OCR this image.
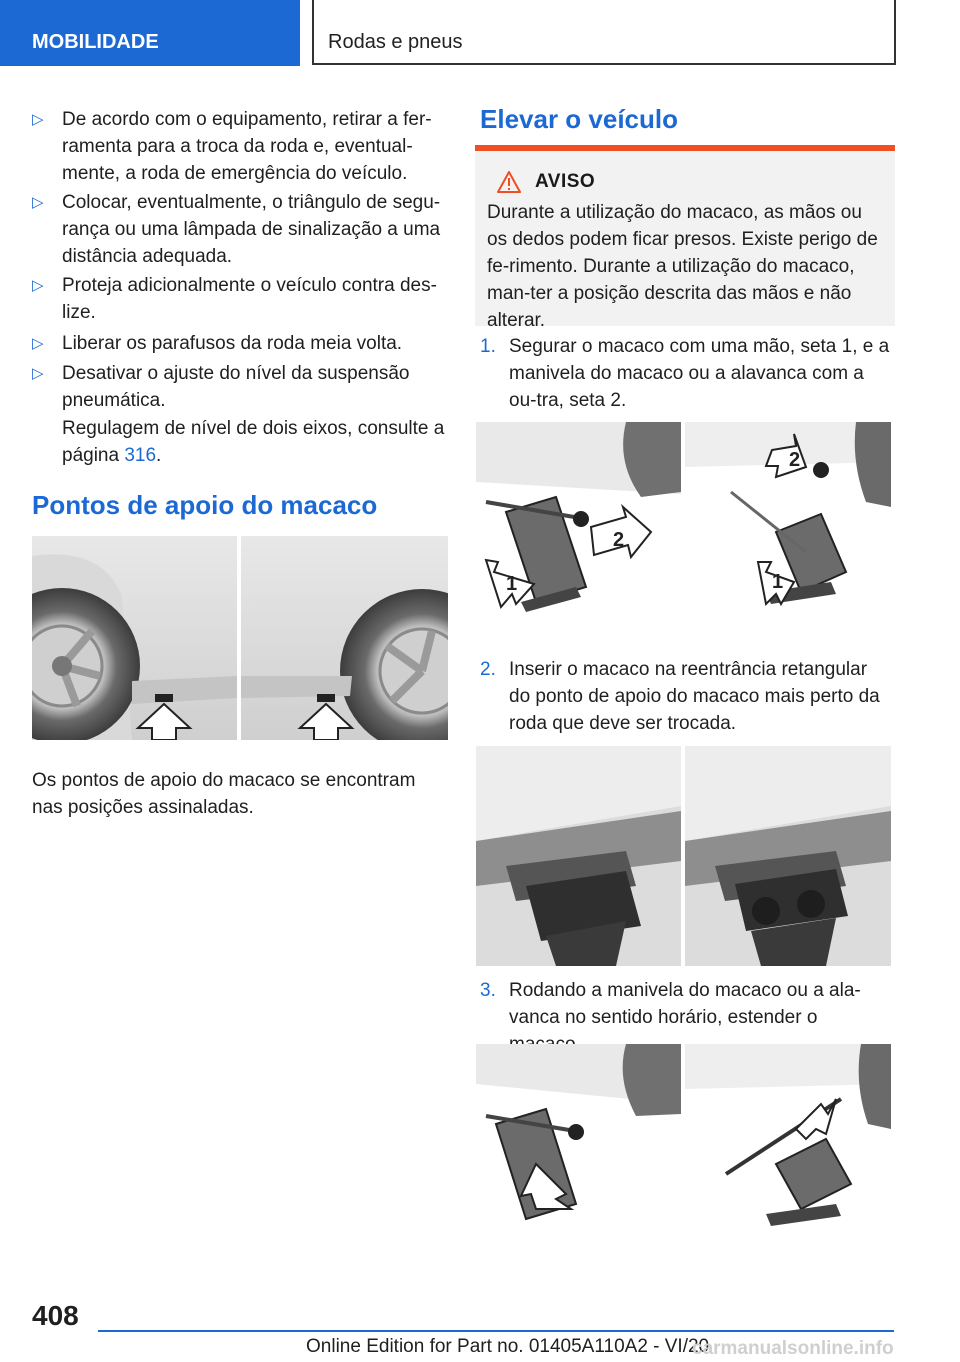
MOBILIDADE	Rodas e pneus
▷ De acordo com o equipamento, retirar a fer-ramenta para a troca da roda e, eventual-mente, a roda de emergência do veículo.
▷ Colocar, eventualmente, o triângulo de segu-rança ou uma lâmpada de sinalização a uma distância adequada.
▷ Proteja adicionalmente o veículo contra des-lize.
▷ Liberar os parafusos da roda meia volta.
▷ Desativar o ajuste do nível da suspensão pneumática.
Regulagem de nível de dois eixos, consulte a página 316.
Pontos de apoio do macaco
Os pontos de apoio do macaco se encontram nas posições assinaladas.
Elevar o veículo
AVISO
Durante a utilização do macaco, as mãos ou os dedos podem ficar presos. Existe perigo de fe-rimento. Durante a utilização do macaco, man-ter a posição descrita das mãos e não alterar.
1. Segurar o macaco com uma mão, seta 1, e a manivela do macaco ou a alavanca com a ou-tra, seta 2.
1
2
2
1
2. Inserir o macaco na reentrância retangular do ponto de apoio do macaco mais perto da roda que deve ser trocada.
3. Rodando a manivela do macaco ou a ala-vanca no sentido horário, estender o
408
Online Edition for Part no. 01405A110A2 - VI/20
carmanualsonline.info
